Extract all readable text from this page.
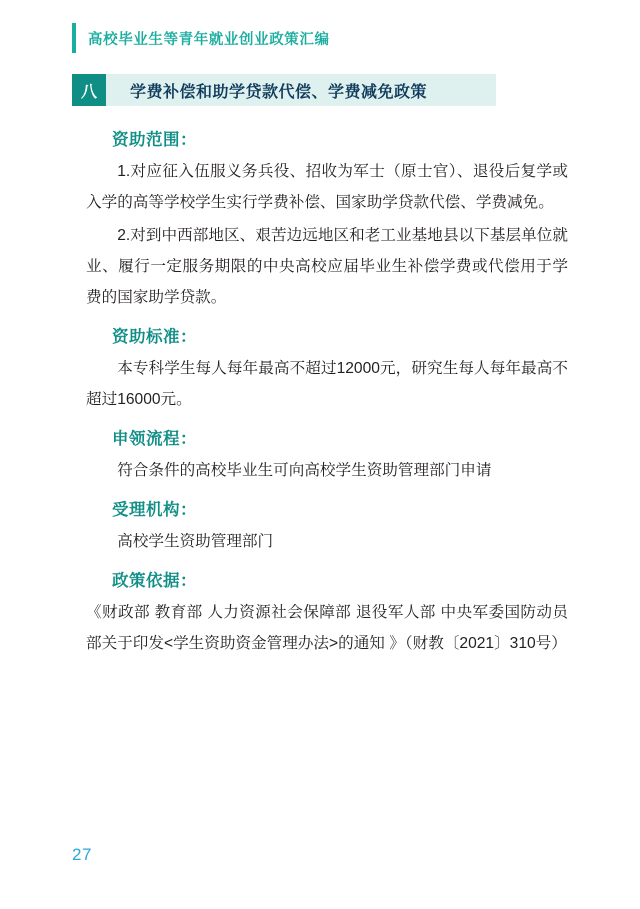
高校毕业生等青年就业创业政策汇编
八	学费补偿和助学贷款代偿、学费减免政策
资助范围：

1.对应征入伍服义务兵役、招收为军士（原士官）、退役后复学或入学的高等学校学生实行学费补偿、国家助学贷款代偿、学费减免。

2.对到中西部地区、艰苦边远地区和老工业基地县以下基层单位就业、履行一定服务期限的中央高校应届毕业生补偿学费或代偿用于学费的国家助学贷款。

资助标准：

本专科学生每人每年最高不超过12000元，研究生每人每年最高不超过16000元。

申领流程：

符合条件的高校毕业生可向高校学生资助管理部门申请

受理机构：

高校学生资助管理部门

政策依据：

《财政部 教育部 人力资源社会保障部 退役军人部 中央军委国防动员部关于印发<学生资助资金管理办法>的通知 》（财教〔2021〕310号）

27
